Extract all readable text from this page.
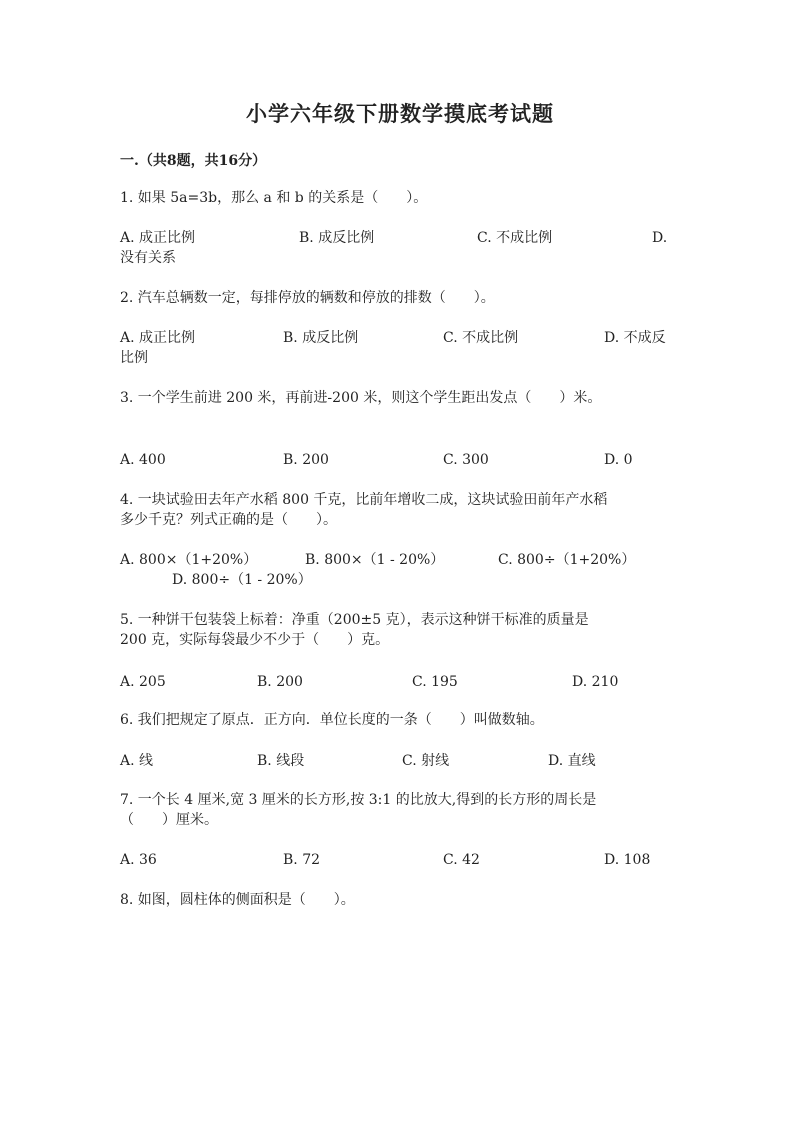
小学六年级下册数学摸底考试题
一.（共8题，共16分）
1. 如果 5a=3b，那么 a 和 b 的关系是（　　）。
A. 成正比例	B. 成反比例	C. 不成比例	D.
没有关系
2. 汽车总辆数一定，每排停放的辆数和停放的排数（　　）。
A. 成正比例	B. 成反比例	C. 不成比例	D. 不成反
比例
3. 一个学生前进 200 米，再前进-200 米，则这个学生距出发点（　　）米。
A. 400	B. 200	C. 300	D. 0
4. 一块试验田去年产水稻 800 千克，比前年增收二成，这块试验田前年产水稻
多少千克？列式正确的是（　　）。
A. 800×（1+20%）	B. 800×（1 - 20%）	C. 800÷（1+20%）
D. 800÷（1 - 20%）
5. 一种饼干包装袋上标着：净重（200±5 克），表示这种饼干标准的质量是
200 克，实际每袋最少不少于（　　）克。
A. 205	B. 200	C. 195	D. 210
6. 我们把规定了原点．正方向．单位长度的一条（　　）叫做数轴。
A. 线	B. 线段	C. 射线	D. 直线
7. 一个长 4 厘米,宽 3 厘米的长方形,按 3:1 的比放大,得到的长方形的周长是
（　　）厘米。
A. 36	B. 72	C. 42	D. 108
8. 如图，圆柱体的侧面积是（　　）。
